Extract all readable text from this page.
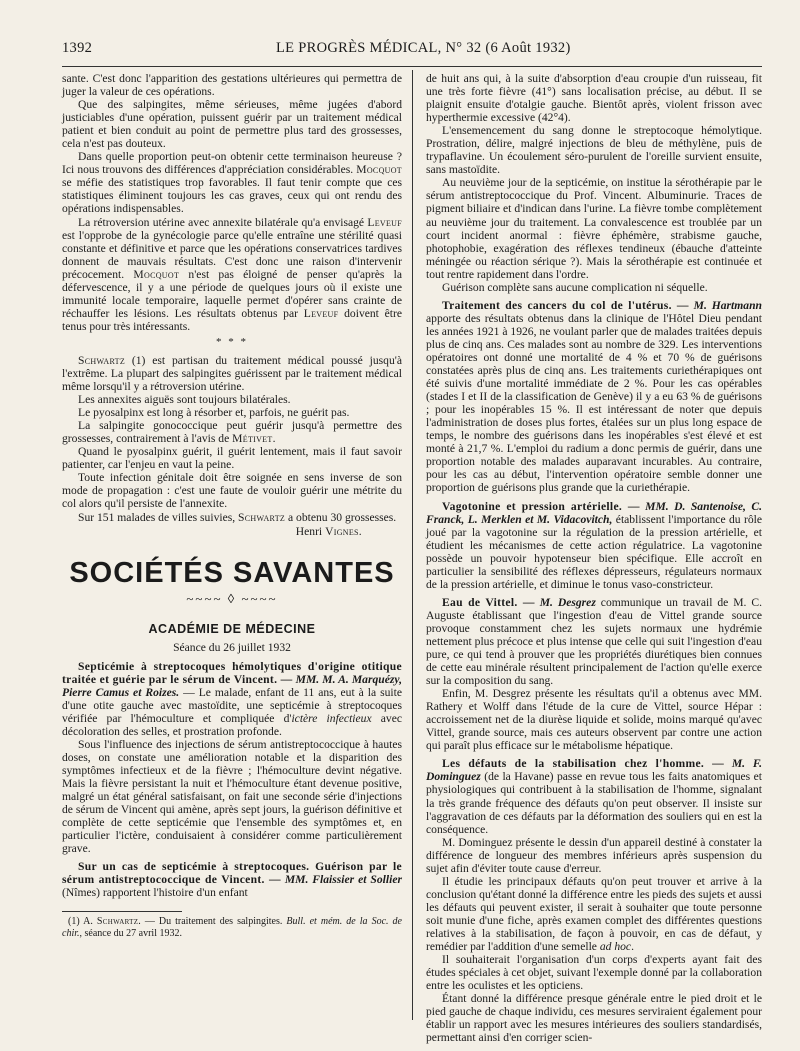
1392	LE PROGRÈS MÉDICAL, N° 32 (6 Août 1932)

sante. C'est donc l'apparition des gestations ultérieures qui permettra de juger la valeur de ces opérations.

Que des salpingites, même sérieuses, même jugées d'abord justiciables d'une opération, puissent guérir par un traitement médical patient et bien conduit au point de permettre plus tard des grossesses, cela n'est pas douteux.

Dans quelle proportion peut-on obtenir cette terminaison heureuse ? Ici nous trouvons des différences d'appréciation considérables. Mocquot se méfie des statistiques trop favorables. Il faut tenir compte que ces statistiques éliminent toujours les cas graves, ceux qui ont rendu des opérations indispensables.

La rétroversion utérine avec annexite bilatérale qu'a envisagé Leveuf est l'opprobe de la gynécologie parce qu'elle entraîne une stérilité quasi constante et définitive et parce que les opérations conservatrices tardives donnent de mauvais résultats. C'est donc une raison d'intervenir précocement. Mocquot n'est pas éloigné de penser qu'après la défervescence, il y a une période de quelques jours où il existe une immunité locale temporaire, laquelle permet d'opérer sans crainte de réchauffer les lésions. Les résultats obtenus par Leveuf doivent être tenus pour très intéressants.

* * *

Schwartz (1) est partisan du traitement médical poussé jusqu'à l'extrême. La plupart des salpingites guérissent par le traitement médical même lorsqu'il y a rétroversion utérine.

Les annexites aiguës sont toujours bilatérales.

Le pyosalpinx est long à résorber et, parfois, ne guérit pas.

La salpingite gonococcique peut guérir jusqu'à permettre des grossesses, contrairement à l'avis de Métivet.

Quand le pyosalpinx guérit, il guérit lentement, mais il faut savoir patienter, car l'enjeu en vaut la peine.

Toute infection génitale doit être soignée en sens inverse de son mode de propagation : c'est une faute de vouloir guérir une métrite du col alors qu'il persiste de l'annexite.

Sur 151 malades de villes suivies, Schwartz a obtenu 30 grossesses.

Henri Vignes.
SOCIÉTÉS SAVANTES
~~~~ ◊ ~~~~
ACADÉMIE DE MÉDECINE
Séance du 26 juillet 1932

Septicémie à streptocoques hémolytiques d'origine otitique traitée et guérie par le sérum de Vincent. — MM. M. A. Marquézy, Pierre Camus et Roizes. — Le malade, enfant de 11 ans, eut à la suite d'une otite gauche avec mastoïdite, une septicémie à streptocoques vérifiée par l'hémoculture et compliquée d'ictère infectieux avec décoloration des selles, et prostration profonde.

Sous l'influence des injections de sérum antistreptococcique à hautes doses, on constate une amélioration notable et la disparition des symptômes infectieux et de la fièvre ; l'hémoculture devint négative. Mais la fièvre persistant la nuit et l'hémoculture étant devenue positive, malgré un état général satisfaisant, on fait une seconde série d'injections de sérum de Vincent qui amène, après sept jours, la guérison définitive et complète de cette septicémie que l'ensemble des symptômes et, en particulier l'ictère, conduisaient à considérer comme particulièrement grave.

Sur un cas de septicémie à streptocoques. Guérison par le sérum antistreptococcique de Vincent. — MM. Flaissier et Sollier (Nîmes) rapportent l'histoire d'un enfant

(1) A. Schwartz. — Du traitement des salpingites. Bull. et mém. de la Soc. de chir., séance du 27 avril 1932.

de huit ans qui, à la suite d'absorption d'eau croupie d'un ruisseau, fit une très forte fièvre (41°) sans localisation précise, au début. Il se plaignit ensuite d'otalgie gauche. Bientôt après, violent frisson avec hyperthermie excessive (42°4).

L'ensemencement du sang donne le streptocoque hémolytique. Prostration, délire, malgré injections de bleu de méthylène, puis de trypaflavine. Un écoulement séro-purulent de l'oreille survient ensuite, sans mastoïdite.

Au neuvième jour de la septicémie, on institue la sérothérapie par le sérum antistreptococcique du Prof. Vincent. Albuminurie. Traces de pigment biliaire et d'indican dans l'urine. La fièvre tombe complètement au neuvième jour du traitement. La convalescence est troublée par un court incident anormal : fièvre éphémère, strabisme gauche, photophobie, exagération des réflexes tendineux (ébauche d'atteinte méningée ou réaction sérique ?). Mais la sérothérapie est continuée et tout rentre rapidement dans l'ordre.

Guérison complète sans aucune complication ni séquelle.

Traitement des cancers du col de l'utérus. — M. Hartmann apporte des résultats obtenus dans la clinique de l'Hôtel Dieu pendant les années 1921 à 1926, ne voulant parler que de malades traitées depuis plus de cinq ans. Ces malades sont au nombre de 329. Les interventions opératoires ont donné une mortalité de 4 % et 70 % de guérisons constatées après plus de cinq ans. Les traitements curiethérapiques ont été suivis d'une mortalité immédiate de 2 %. Pour les cas opérables (stades I et II de la classification de Genève) il y a eu 63 % de guérisons ; pour les inopérables 15 %. Il est intéressant de noter que depuis l'administration de doses plus fortes, étalées sur un plus long espace de temps, le nombre des guérisons dans les inopérables s'est élevé et est monté à 21,7 %. L'emploi du radium a donc permis de guérir, dans une proportion notable des malades auparavant incurables. Au contraire, pour les cas au début, l'intervention opératoire semble donner une proportion de guérisons plus grande que la curiethérapie.

Vagotonine et pression artérielle. — MM. D. Santenoise, C. Franck, L. Merklen et M. Vidacovitch, établissent l'importance du rôle joué par la vagotonine sur la régulation de la pression artérielle, et étudient les mécanismes de cette action régulatrice. La vagotonine possède un pouvoir hypotenseur bien spécifique. Elle accroît en particulier la sensibilité des réflexes dépresseurs, régulateurs normaux de la pression artérielle, et diminue le tonus vaso-constricteur.

Eau de Vittel. — M. Desgrez communique un travail de M. C. Auguste établissant que l'ingestion d'eau de Vittel grande source provoque constamment chez les sujets normaux une hydrémie nettement plus précoce et plus intense que celle qui suit l'ingestion d'eau pure, ce qui tend à prouver que les propriétés diurétiques bien connues de cette eau minérale résultent principalement de l'action qu'elle exerce sur la composition du sang.

Enfin, M. Desgrez présente les résultats qu'il a obtenus avec MM. Rathery et Wolff dans l'étude de la cure de Vittel, source Hépar : accroissement net de la diurèse liquide et solide, moins marqué qu'avec Vittel, grande source, mais ces auteurs observent par contre une action qui paraît plus efficace sur le métabolisme hépatique.

Les défauts de la stabilisation chez l'homme. — M. F. Dominguez (de la Havane) passe en revue tous les faits anatomiques et physiologiques qui contribuent à la stabilisation de l'homme, signalant la très grande fréquence des défauts qu'on peut observer. Il insiste sur l'aggravation de ces défauts par la déformation des souliers qui en est la conséquence.

M. Dominguez présente le dessin d'un appareil destiné à constater la différence de longueur des membres inférieurs après suspension du sujet afin d'éviter toute cause d'erreur.

Il étudie les principaux défauts qu'on peut trouver et arrive à la conclusion qu'étant donné la différence entre les pieds des sujets et aussi les défauts qui peuvent exister, il serait à souhaiter que toute personne soit munie d'une fiche, après examen complet des différentes questions relatives à la stabilisation, de façon à pouvoir, en cas de défaut, y remédier par l'addition d'une semelle ad hoc.

Il souhaiterait l'organisation d'un corps d'experts ayant fait des études spéciales à cet objet, suivant l'exemple donné par la collaboration entre les oculistes et les opticiens.

Étant donné la différence presque générale entre le pied droit et le pied gauche de chaque individu, ces mesures serviraient également pour établir un rapport avec les mesures intérieures des souliers standardisés, permettant ainsi d'en corriger scien-
